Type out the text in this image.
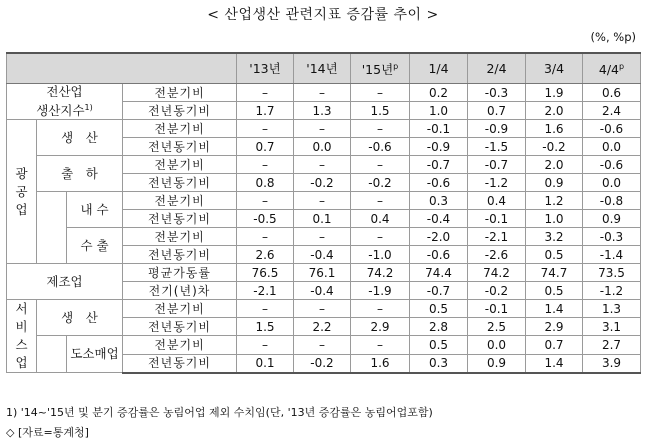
< 산업생산 관련지표 증감률 추이 >
(%, %p)
				'13년	'14년	'15년$^p$	1/4	2/4	3/4	4/4$^p$

전산업
생산지수$^{1)}$			전분기비	–	–	–	0.2	-0.3	1.9	0.6
			전년동기비	1.7	1.3	1.5	1.0	0.7	2.0	2.4
광공업	생　산		전분기비	–	–	–	-0.1	-0.9	1.6	-0.6
			전년동기비	0.7	0.0	-0.6	-0.9	-1.5	-0.2	0.0
	출　하		전분기비	–	–	–	-0.7	-0.7	2.0	-0.6
			전년동기비	0.8	-0.2	-0.2	-0.6	-1.2	0.9	0.0
		내 수	전분기비	–	–	–	0.3	0.4	1.2	-0.8
			전년동기비	-0.5	0.1	0.4	-0.4	-0.1	1.0	0.9
		수 출	전분기비	–	–	–	-2.0	-2.1	3.2	-0.3
			전년동기비	2.6	-0.4	-1.0	-0.6	-2.6	0.5	-1.4
제조업			평균가동률	76.5	76.1	74.2	74.4	74.2	74.7	73.5
			전기(년)차	-2.1	-0.4	-1.9	-0.7	-0.2	0.5	-1.2
서비스업	생　산		전분기비	–	–	–	0.5	-0.1	1.4	1.3
			전년동기비	1.5	2.2	2.9	2.8	2.5	2.9	3.1
		도소매업	전분기비	–	–	–	0.5	0.0	0.7	2.7
			전년동기비	0.1	-0.2	1.6	0.3	0.9	1.4	3.9
1) '14~'15년 및 분기 증감률은 농림어업 제외 수치임(단, '13년 증감률은 농림어업포함)
◇ [자료=통계청]
